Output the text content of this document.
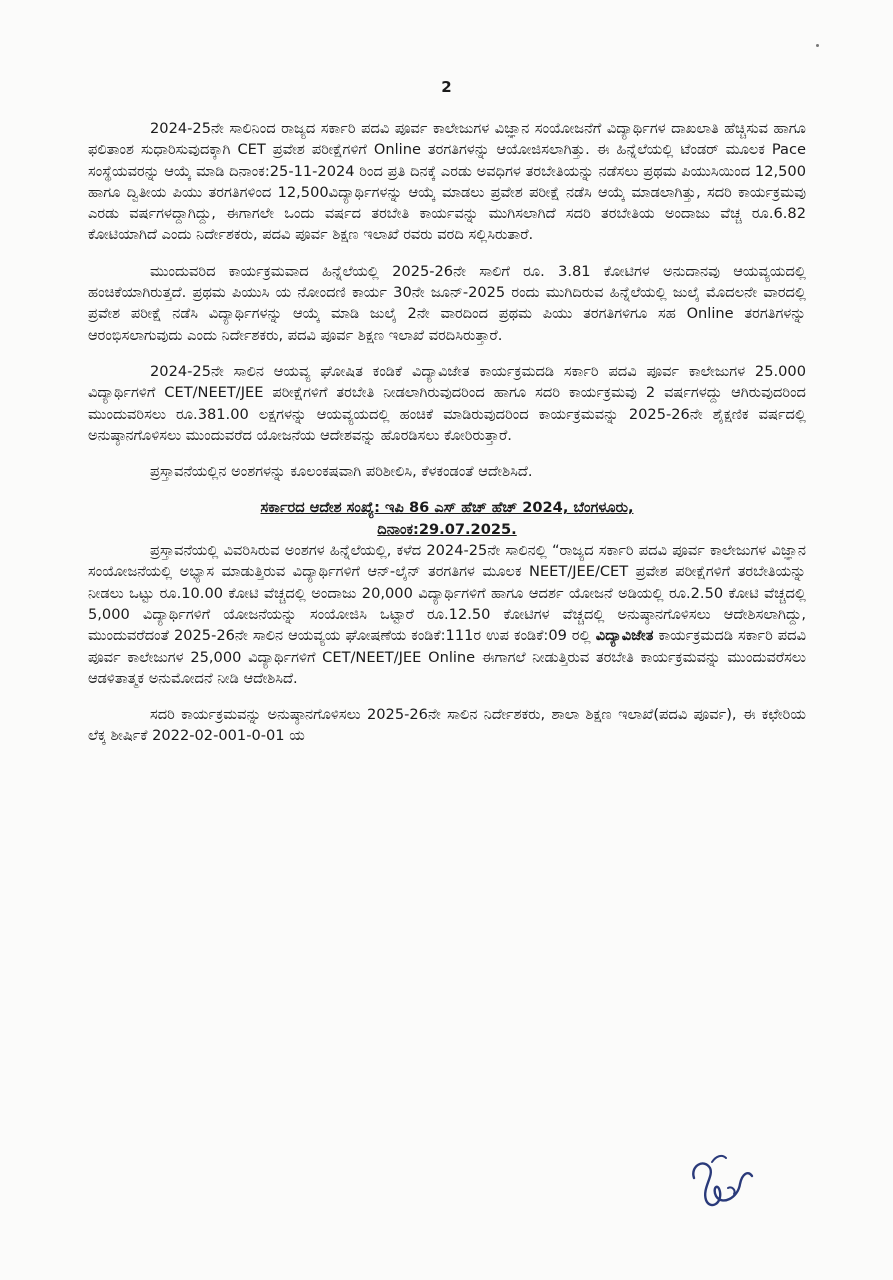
2

2024-25ನೇ ಸಾಲಿನಿಂದ ರಾಜ್ಯದ ಸರ್ಕಾರಿ ಪದವಿ ಪೂರ್ವ ಕಾಲೇಜುಗಳ ವಿಜ್ಞಾನ ಸಂಯೋಜನೆಗೆ ವಿದ್ಯಾರ್ಥಿಗಳ ದಾಖಲಾತಿ ಹೆಚ್ಚಿಸುವ ಹಾಗೂ ಫಲಿತಾಂಶ ಸುಧಾರಿಸುವುದಕ್ಕಾಗಿ CET ಪ್ರವೇಶ ಪರೀಕ್ಷೆಗಳಿಗೆ Online ತರಗತಿಗಳನ್ನು ಆಯೋಜಿಸಲಾಗಿತ್ತು. ಈ ಹಿನ್ನೆಲೆಯಲ್ಲಿ ಟೆಂಡರ್ ಮೂಲಕ Pace ಸಂಸ್ಥೆಯವರನ್ನು ಆಯ್ಕೆ ಮಾಡಿ ದಿನಾಂಕ:25-11-2024 ರಿಂದ ಪ್ರತಿ ದಿನಕ್ಕೆ ಎರಡು ಅವಧಿಗಳ ತರಬೇತಿಯನ್ನು ನಡೆಸಲು ಪ್ರಥಮ ಪಿಯುಸಿಯಿಂದ 12,500 ಹಾಗೂ ದ್ವಿತೀಯ ಪಿಯು ತರಗತಿಗಳಿಂದ 12,500ವಿದ್ಯಾರ್ಥಿಗಳನ್ನು ಆಯ್ಕೆ ಮಾಡಲು ಪ್ರವೇಶ ಪರೀಕ್ಷೆ ನಡೆಸಿ ಆಯ್ಕೆ ಮಾಡಲಾಗಿತ್ತು, ಸದರಿ ಕಾರ್ಯಕ್ರಮವು ಎರಡು ವರ್ಷಗಳದ್ದಾಗಿದ್ದು, ಈಗಾಗಲೇ ಒಂದು ವರ್ಷದ ತರಬೇತಿ ಕಾರ್ಯವನ್ನು ಮುಗಿಸಲಾಗಿದೆ ಸದರಿ ತರಬೇತಿಯ ಅಂದಾಜು ವೆಚ್ಚ ರೂ.6.82 ಕೋಟಿಯಾಗಿದೆ ಎಂದು ನಿರ್ದೇಶಕರು, ಪದವಿ ಪೂರ್ವ ಶಿಕ್ಷಣ ಇಲಾಖೆ ರವರು ವರದಿ ಸಲ್ಲಿಸಿರುತಾರೆ.

ಮುಂದುವರಿದ ಕಾರ್ಯಕ್ರಮವಾದ ಹಿನ್ನೆಲೆಯಲ್ಲಿ 2025-26ನೇ ಸಾಲಿಗೆ ರೂ. 3.81 ಕೋಟಿಗಳ ಅನುದಾನವು ಆಯವ್ಯಯದಲ್ಲಿ ಹಂಚಿಕೆಯಾಗಿರುತ್ತದೆ. ಪ್ರಥಮ ಪಿಯುಸಿ ಯ ನೋಂದಣಿ ಕಾರ್ಯ 30ನೇ ಜೂನ್-2025 ರಂದು ಮುಗಿದಿರುವ ಹಿನ್ನೆಲೆಯಲ್ಲಿ ಜುಲೈ ಮೊದಲನೇ ವಾರದಲ್ಲಿ ಪ್ರವೇಶ ಪರೀಕ್ಷೆ ನಡೆಸಿ ವಿದ್ಯಾರ್ಥಿಗಳನ್ನು ಆಯ್ಕೆ ಮಾಡಿ ಜುಲೈ 2ನೇ ವಾರದಿಂದ ಪ್ರಥಮ ಪಿಯು ತರಗತಿಗಳಿಗೂ ಸಹ Online ತರಗತಿಗಳನ್ನು ಆರಂಭಿಸಲಾಗುವುದು ಎಂದು ನಿರ್ದೇಶಕರು, ಪದವಿ ಪೂರ್ವ ಶಿಕ್ಷಣ ಇಲಾಖೆ ವರದಿಸಿರುತ್ತಾರೆ.

2024-25ನೇ ಸಾಲಿನ ಆಯವ್ಯ ಘೋಷಿತ ಕಂಡಿಕೆ ವಿದ್ಯಾವಿಜೇತ ಕಾರ್ಯಕ್ರಮದಡಿ ಸರ್ಕಾರಿ ಪದವಿ ಪೂರ್ವ ಕಾಲೇಜುಗಳ 25.000 ವಿದ್ಯಾರ್ಥಿಗಳಿಗೆ CET/NEET/JEE ಪರೀಕ್ಷೆಗಳಿಗೆ ತರಬೇತಿ ನೀಡಲಾಗಿರುವುದರಿಂದ ಹಾಗೂ ಸದರಿ ಕಾರ್ಯಕ್ರಮವು 2 ವರ್ಷಗಳದ್ದು ಆಗಿರುವುದರಿಂದ ಮುಂದುವರಿಸಲು ರೂ.381.00 ಲಕ್ಷಗಳನ್ನು ಆಯವ್ಯಯದಲ್ಲಿ ಹಂಚಿಕೆ ಮಾಡಿರುವುದರಿಂದ ಕಾರ್ಯಕ್ರಮವನ್ನು 2025-26ನೇ ಶೈಕ್ಷಣಿಕ ವರ್ಷದಲ್ಲಿ ಅನುಷ್ಠಾನಗೊಳಿಸಲು ಮುಂದುವರೆದ ಯೋಜನೆಯ ಆದೇಶವನ್ನು ಹೊರಡಿಸಲು ಕೋರಿರುತ್ತಾರೆ.

ಪ್ರಸ್ತಾವನೆಯಲ್ಲಿನ ಅಂಶಗಳನ್ನು ಕೂಲಂಕಷವಾಗಿ ಪರಿಶೀಲಿಸಿ, ಕೆಳಕಂಡಂತೆ ಆದೇಶಿಸಿದೆ.

ಸರ್ಕಾರದ ಆದೇಶ ಸಂಖ್ಯೆ: ಇಪಿ 86 ಎಸ್ ಹೆಚ್ ಹೆಚ್ 2024, ಬೆಂಗಳೂರು,

ದಿನಾಂಕ:29.07.2025.

ಪ್ರಸ್ತಾವನೆಯಲ್ಲಿ ವಿವರಿಸಿರುವ ಅಂಶಗಳ ಹಿನ್ನೆಲೆಯಲ್ಲಿ, ಕಳೆದ 2024-25ನೇ ಸಾಲಿನಲ್ಲಿ “ರಾಜ್ಯದ ಸರ್ಕಾರಿ ಪದವಿ ಪೂರ್ವ ಕಾಲೇಜುಗಳ ವಿಜ್ಞಾನ ಸಂಯೋಜನೆಯಲ್ಲಿ ಅಭ್ಯಾಸ ಮಾಡುತ್ತಿರುವ ವಿದ್ಯಾರ್ಥಿಗಳಿಗೆ ಆನ್-ಲೈನ್ ತರಗತಿಗಳ ಮೂಲಕ NEET/JEE/CET ಪ್ರವೇಶ ಪರೀಕ್ಷೆಗಳಿಗೆ ತರಬೇತಿಯನ್ನು ನೀಡಲು ಒಟ್ಟು ರೂ.10.00 ಕೋಟಿ ವೆಚ್ಚದಲ್ಲಿ ಅಂದಾಜು 20,000 ವಿದ್ಯಾರ್ಥಿಗಳಿಗೆ ಹಾಗೂ ಆದರ್ಶ ಯೋಜನೆ ಅಡಿಯಲ್ಲಿ ರೂ.2.50 ಕೋಟಿ ವೆಚ್ಚದಲ್ಲಿ 5,000 ವಿದ್ಯಾರ್ಥಿಗಳಿಗೆ ಯೋಜನೆಯನ್ನು ಸಂಯೋಜಿಸಿ ಒಟ್ಟಾರೆ ರೂ.12.50 ಕೋಟಿಗಳ ವೆಚ್ಚದಲ್ಲಿ ಅನುಷ್ಠಾನಗೊಳಿಸಲು ಆದೇಶಿಸಲಾಗಿದ್ದು, ಮುಂದುವರೆದಂತೆ 2025-26ನೇ ಸಾಲಿನ ಆಯವ್ಯಯ ಘೋಷಣೆಯ ಕಂಡಿಕೆ:111ರ ಉಪ ಕಂಡಿಕೆ:09 ರಲ್ಲಿ ವಿದ್ಯಾವಿಜೇತ ಕಾರ್ಯಕ್ರಮದಡಿ ಸರ್ಕಾರಿ ಪದವಿ ಪೂರ್ವ ಕಾಲೇಜುಗಳ 25,000 ವಿದ್ಯಾರ್ಥಿಗಳಿಗೆ CET/NEET/JEE Online ಈಗಾಗಲೆ ನೀಡುತ್ತಿರುವ ತರಬೇತಿ ಕಾರ್ಯಕ್ರಮವನ್ನು ಮುಂದುವರೆಸಲು ಆಡಳಿತಾತ್ಮಕ ಅನುಮೋದನೆ ನೀಡಿ ಆದೇಶಿಸಿದೆ.

ಸದರಿ ಕಾರ್ಯಕ್ರಮವನ್ನು ಅನುಷ್ಠಾನಗೊಳಿಸಲು 2025-26ನೇ ಸಾಲಿನ ನಿರ್ದೇಶಕರು, ಶಾಲಾ ಶಿಕ್ಷಣ ಇಲಾಖೆ(ಪದವಿ ಪೂರ್ವ), ಈ ಕಛೇರಿಯ ಲೆಕ್ಕ ಶೀರ್ಷಿಕೆ 2022-02-001-0-01 ಯ
